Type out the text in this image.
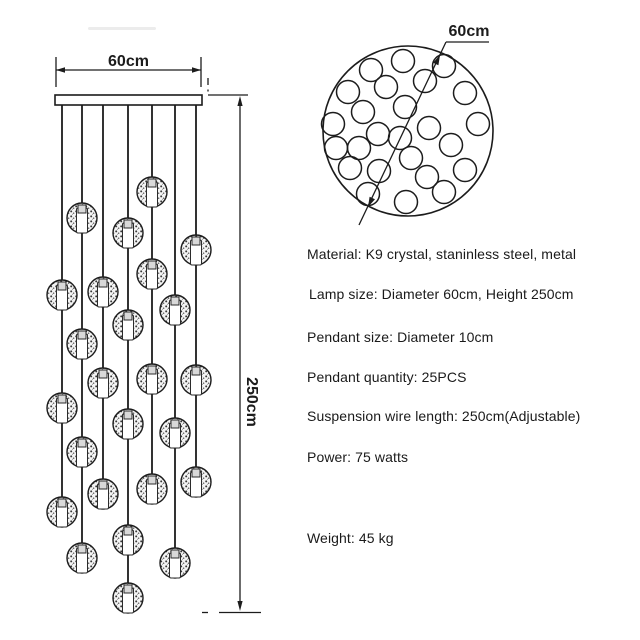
60cm
250cm
60cm
Material: K9 crystal, staninless steel, metal
Lamp size: Diameter 60cm, Height 250cm
Pendant size: Diameter 10cm
Pendant quantity: 25PCS
Suspension wire length: 250cm(Adjustable)
Power: 75 watts
Weight: 45 kg
